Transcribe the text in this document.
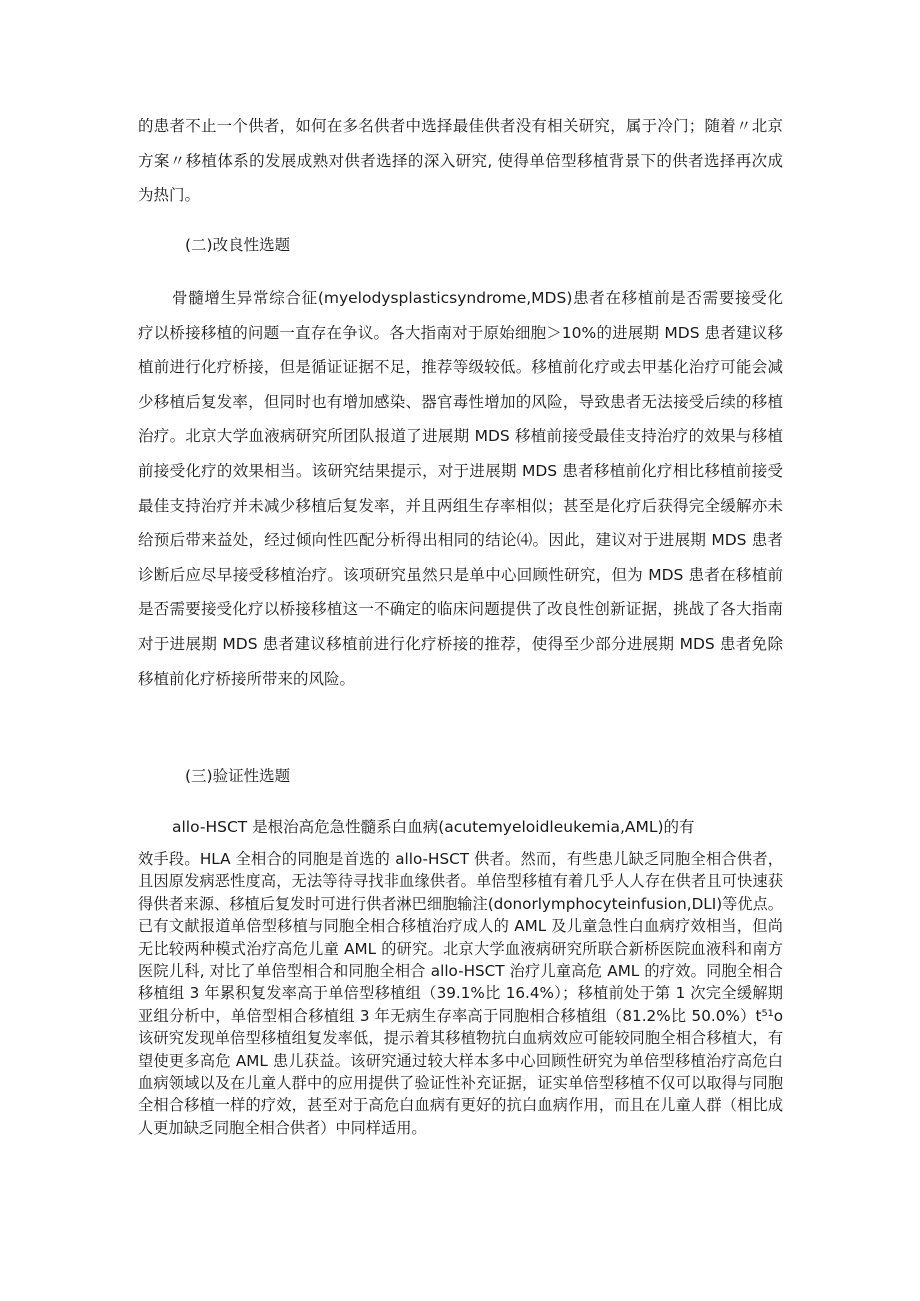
的患者不止一个供者，如何在多名供者中选择最佳供者没有相关研究，属于冷门；随着〃北京方案〃移植体系的发展成熟对供者选择的深入研究, 使得单倍型移植背景下的供者选择再次成为热门。

(二)改良性选题

骨髓增生异常综合征(myelodysplasticsyndrome,MDS)患者在移植前是否需要接受化疗以桥接移植的问题一直存在争议。各大指南对于原始细胞＞10%的进展期 MDS 患者建议移植前进行化疗桥接，但是循证证据不足，推荐等级较低。移植前化疗或去甲基化治疗可能会减少移植后复发率，但同时也有增加感染、器官毒性增加的风险，导致患者无法接受后续的移植治疗。北京大学血液病研究所团队报道了进展期 MDS 移植前接受最佳支持治疗的效果与移植前接受化疗的效果相当。该研究结果提示，对于进展期 MDS 患者移植前化疗相比移植前接受最佳支持治疗并未减少移植后复发率，并且两组生存率相似；甚至是化疗后获得完全缓解亦未给预后带来益处，经过倾向性匹配分析得出相同的结论⑷。因此，建议对于进展期 MDS 患者诊断后应尽早接受移植治疗。该项研究虽然只是单中心回顾性研究，但为 MDS 患者在移植前是否需要接受化疗以桥接移植这一不确定的临床问题提供了改良性创新证据，挑战了各大指南对于进展期 MDS 患者建议移植前进行化疗桥接的推荐，使得至少部分进展期 MDS 患者免除移植前化疗桥接所带来的风险。

(三)验证性选题

allo-HSCT 是根治高危急性髓系白血病(acutemyeloidleukemia,AML)的有

效手段。HLA 全相合的同胞是首选的 allo-HSCT 供者。然而，有些患儿缺乏同胞全相合供者，且因原发病恶性度高，无法等待寻找非血缘供者。单倍型移植有着几乎人人存在供者且可快速获得供者来源、移植后复发时可进行供者淋巴细胞输注(donorlymphocyteinfusion,DLI)等优点。已有文献报道单倍型移植与同胞全相合移植治疗成人的 AML 及儿童急性白血病疗效相当，但尚无比较两种模式治疗高危儿童 AML 的研究。北京大学血液病研究所联合新桥医院血液科和南方医院儿科, 对比了单倍型相合和同胞全相合 allo-HSCT 治疗儿童高危 AML 的疗效。同胞全相合移植组 3 年累积复发率高于单倍型移植组（39.1%比 16.4%）；移植前处于第 1 次完全缓解期亚组分析中，单倍型相合移植组 3 年无病生存率高于同胞相合移植组（81.2%比 50.0%）t⁵¹o 该研究发现单倍型移植组复发率低，提示着其移植物抗白血病效应可能较同胞全相合移植大，有望使更多高危 AML 患儿获益。该研究通过较大样本多中心回顾性研究为单倍型移植治疗高危白血病领域以及在儿童人群中的应用提供了验证性补充证据，证实单倍型移植不仅可以取得与同胞全相合移植一样的疗效，甚至对于高危白血病有更好的抗白血病作用，而且在儿童人群（相比成人更加缺乏同胞全相合供者）中同样适用。
